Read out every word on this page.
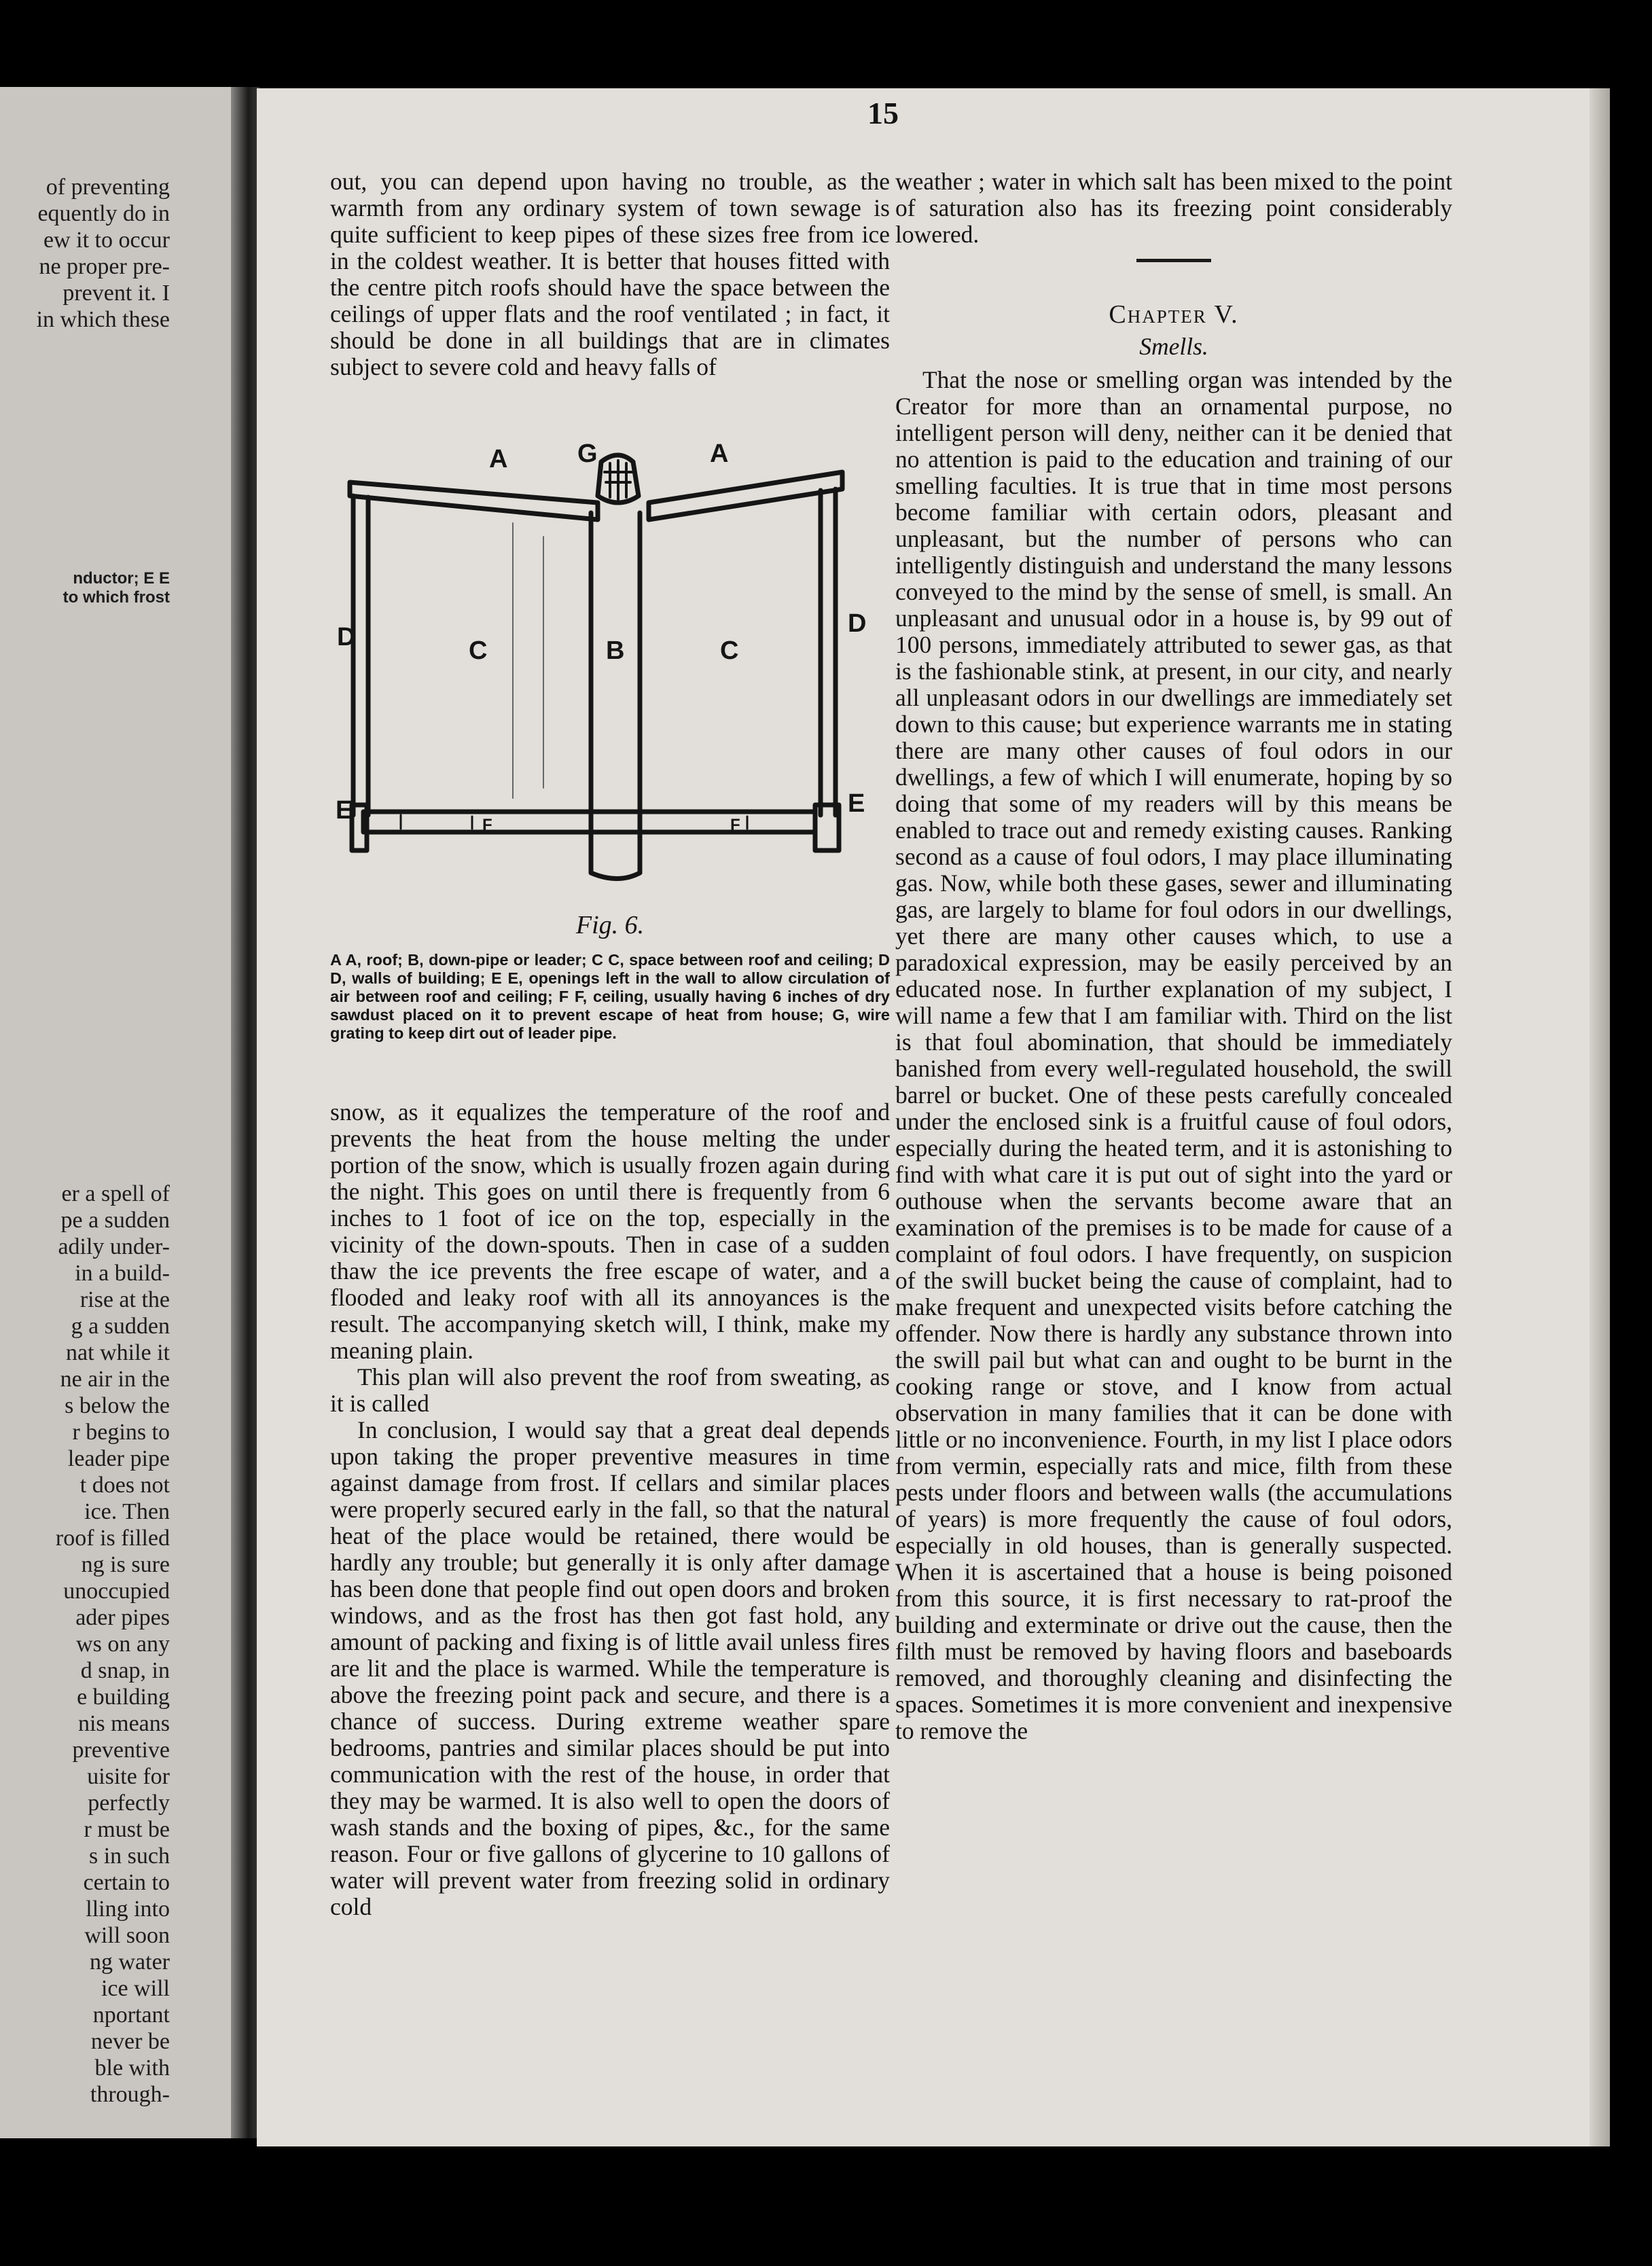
of preventing
equently do in
ew it to occur
ne proper pre-
prevent it. I
in which these
nductor; E E
to which frost
er a spell of
pe a sudden
adily under-
in a build-
rise at the
g a sudden
nat while it
ne air in the
s below the
r begins to
leader pipe
t does not
ice. Then
roof is filled
ng is sure
unoccupied
ader pipes
ws on any
d snap, in
e building
nis means
preventive
uisite for
perfectly
r must be
s in such
certain to
lling into
will soon
ng water
ice will
nportant
never be
ble with
through-
15

out, you can depend upon having no trouble, as the warmth from any ordinary system of town sewage is quite sufficient to keep pipes of these sizes free from ice in the coldest weather. It is better that houses fitted with the centre pitch roofs should have the space between the ceilings of upper flats and the roof ventilated ; in fact, it should be done in all buildings that are in climates subject to severe cold and heavy falls of

A	G	A
D	C	B	C
D
E	E
F	F
Fig. 6.
A A, roof; B, down-pipe or leader; C C, space between roof and ceiling; D D, walls of building; E E, openings left in the wall to allow circulation of air between roof and ceiling; F F, ceiling, usually having 6 inches of dry sawdust placed on it to prevent escape of heat from house; G, wire grating to keep dirt out of leader pipe.

snow, as it equalizes the temperature of the roof and prevents the heat from the house melting the under portion of the snow, which is usually frozen again during the night. This goes on until there is frequently from 6 inches to 1 foot of ice on the top, especially in the vicinity of the down-spouts. Then in case of a sudden thaw the ice prevents the free escape of water, and a flooded and leaky roof with all its annoyances is the result. The accompanying sketch will, I think, make my meaning plain.

This plan will also prevent the roof from sweating, as it is called

In conclusion, I would say that a great deal depends upon taking the proper preventive measures in time against damage from frost. If cellars and similar places were properly secured early in the fall, so that the natural heat of the place would be retained, there would be hardly any trouble; but generally it is only after damage has been done that people find out open doors and broken windows, and as the frost has then got fast hold, any amount of packing and fixing is of little avail unless fires are lit and the place is warmed. While the temperature is above the freezing point pack and secure, and there is a chance of success. During extreme weather spare bedrooms, pantries and similar places should be put into communication with the rest of the house, in order that they may be warmed. It is also well to open the doors of wash stands and the boxing of pipes, &c., for the same reason. Four or five gallons of glycerine to 10 gallons of water will prevent water from freezing solid in ordinary cold

weather ; water in which salt has been mixed to the point of saturation also has its freezing point considerably lowered.

Chapter V.
Smells.

That the nose or smelling organ was intended by the Creator for more than an ornamental purpose, no intelligent person will deny, neither can it be denied that no attention is paid to the education and training of our smelling faculties. It is true that in time most persons become familiar with certain odors, pleasant and unpleasant, but the number of persons who can intelligently distinguish and understand the many lessons conveyed to the mind by the sense of smell, is small. An unpleasant and unusual odor in a house is, by 99 out of 100 persons, immediately attributed to sewer gas, as that is the fashionable stink, at present, in our city, and nearly all unpleasant odors in our dwellings are immediately set down to this cause; but experience warrants me in stating there are many other causes of foul odors in our dwellings, a few of which I will enumerate, hoping by so doing that some of my readers will by this means be enabled to trace out and remedy existing causes. Ranking second as a cause of foul odors, I may place illuminating gas. Now, while both these gases, sewer and illuminating gas, are largely to blame for foul odors in our dwellings, yet there are many other causes which, to use a paradoxical expression, may be easily perceived by an educated nose. In further explanation of my subject, I will name a few that I am familiar with. Third on the list is that foul abomination, that should be immediately banished from every well-regulated household, the swill barrel or bucket. One of these pests carefully concealed under the enclosed sink is a fruitful cause of foul odors, especially during the heated term, and it is astonishing to find with what care it is put out of sight into the yard or outhouse when the servants become aware that an examination of the premises is to be made for cause of a complaint of foul odors. I have frequently, on suspicion of the swill bucket being the cause of complaint, had to make frequent and unexpected visits before catching the offender. Now there is hardly any substance thrown into the swill pail but what can and ought to be burnt in the cooking range or stove, and I know from actual observation in many families that it can be done with little or no inconvenience. Fourth, in my list I place odors from vermin, especially rats and mice, filth from these pests under floors and between walls (the accumulations of years) is more frequently the cause of foul odors, especially in old houses, than is generally suspected. When it is ascertained that a house is being poisoned from this source, it is first necessary to rat-proof the building and exterminate or drive out the cause, then the filth must be removed by having floors and baseboards removed, and thoroughly cleaning and disinfecting the spaces. Sometimes it is more convenient and inexpensive to remove the
